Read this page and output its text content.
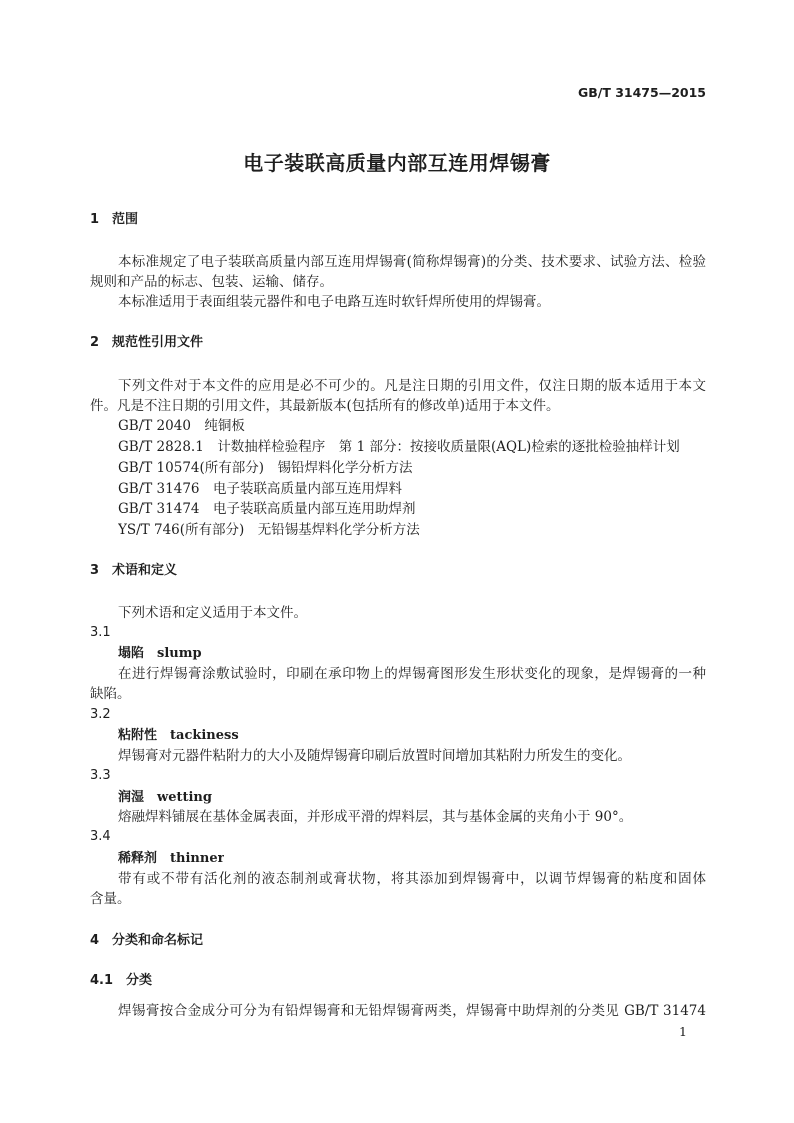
GB/T 31475—2015
电子装联高质量内部互连用焊锡膏
1　范围
本标准规定了电子装联高质量内部互连用焊锡膏(简称焊锡膏)的分类、技术要求、试验方法、检验
规则和产品的标志、包装、运输、储存。
本标准适用于表面组装元器件和电子电路互连时软钎焊所使用的焊锡膏。
2　规范性引用文件
下列文件对于本文件的应用是必不可少的。凡是注日期的引用文件，仅注日期的版本适用于本文
件。凡是不注日期的引用文件，其最新版本(包括所有的修改单)适用于本文件。
GB/T 2040　纯铜板
GB/T 2828.1　计数抽样检验程序　第 1 部分：按接收质量限(AQL)检索的逐批检验抽样计划
GB/T 10574(所有部分)　锡铅焊料化学分析方法
GB/T 31476　电子装联高质量内部互连用焊料
GB/T 31474　电子装联高质量内部互连用助焊剂
YS/T 746(所有部分)　无铅锡基焊料化学分析方法
3　术语和定义
下列术语和定义适用于本文件。
3.1
塌陷 slump
在进行焊锡膏涂敷试验时，印刷在承印物上的焊锡膏图形发生形状变化的现象，是焊锡膏的一种
缺陷。
3.2
粘附性 tackiness
焊锡膏对元器件粘附力的大小及随焊锡膏印刷后放置时间增加其粘附力所发生的变化。
3.3
润湿 wetting
熔融焊料铺展在基体金属表面，并形成平滑的焊料层，其与基体金属的夹角小于 90°。
3.4
稀释剂 thinner
带有或不带有活化剂的液态制剂或膏状物，将其添加到焊锡膏中，以调节焊锡膏的粘度和固体
含量。
4　分类和命名标记
4.1　分类
焊锡膏按合金成分可分为有铅焊锡膏和无铅焊锡膏两类，焊锡膏中助焊剂的分类见 GB/T 31474
1
